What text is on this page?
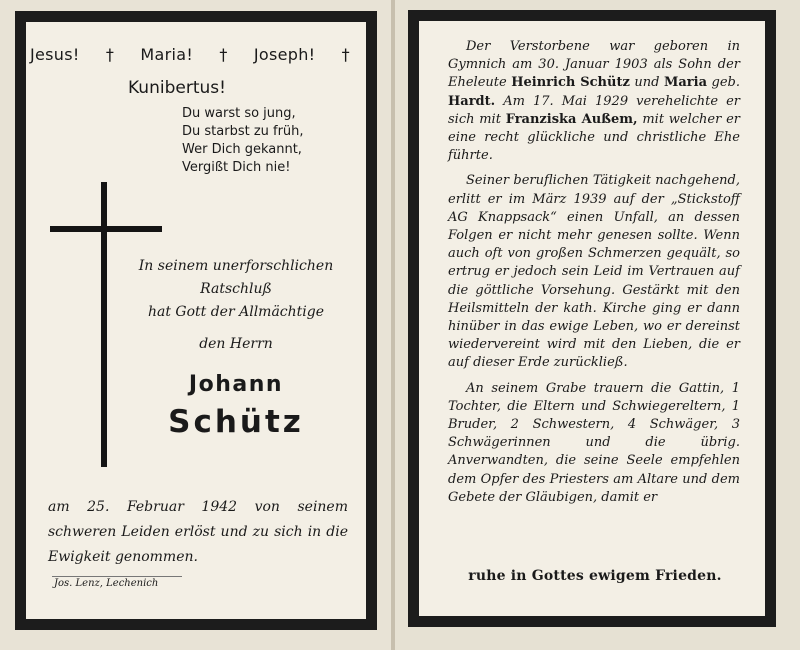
Jesus! † Maria! † Joseph! †
Kunibertus!
Du warst so jung,
Du starbst zu früh,
Wer Dich gekannt,
Vergißt Dich nie!
In seinem unerforschlichen
Ratschluß
hat Gott der Allmächtige
den Herrn
Johann
Schütz
am 25. Februar 1942 von seinem schweren Leiden erlöst und zu sich in die Ewigkeit genommen.
Jos. Lenz, Lechenich

Der Verstorbene war geboren in Gymnich am 30. Januar 1903 als Sohn der Eheleute Heinrich Schütz und Maria geb. Hardt. Am 17. Mai 1929 verehelichte er sich mit Franziska Außem, mit welcher er eine recht glückliche und christliche Ehe führte.

Seiner beruflichen Tätigkeit nachgehend, erlitt er im März 1939 auf der „Stickstoff AG Knappsack“ einen Unfall, an dessen Folgen er nicht mehr genesen sollte. Wenn auch oft von großen Schmerzen gequält, so ertrug er jedoch sein Leid im Vertrauen auf die göttliche Vorsehung. Gestärkt mit den Heilsmitteln der kath. Kirche ging er dann hinüber in das ewige Leben, wo er dereinst wiedervereint wird mit den Lieben, die er auf dieser Erde zurückließ.

An seinem Grabe trauern die Gattin, 1 Tochter, die Eltern und Schwiegereltern, 1 Bruder, 2 Schwestern, 4 Schwäger, 3 Schwägerinnen und die übrig. Anverwandten, die seine Seele empfehlen dem Opfer des Priesters am Altare und dem Gebete der Gläubigen, damit er

ruhe in Gottes ewigem Frieden.
